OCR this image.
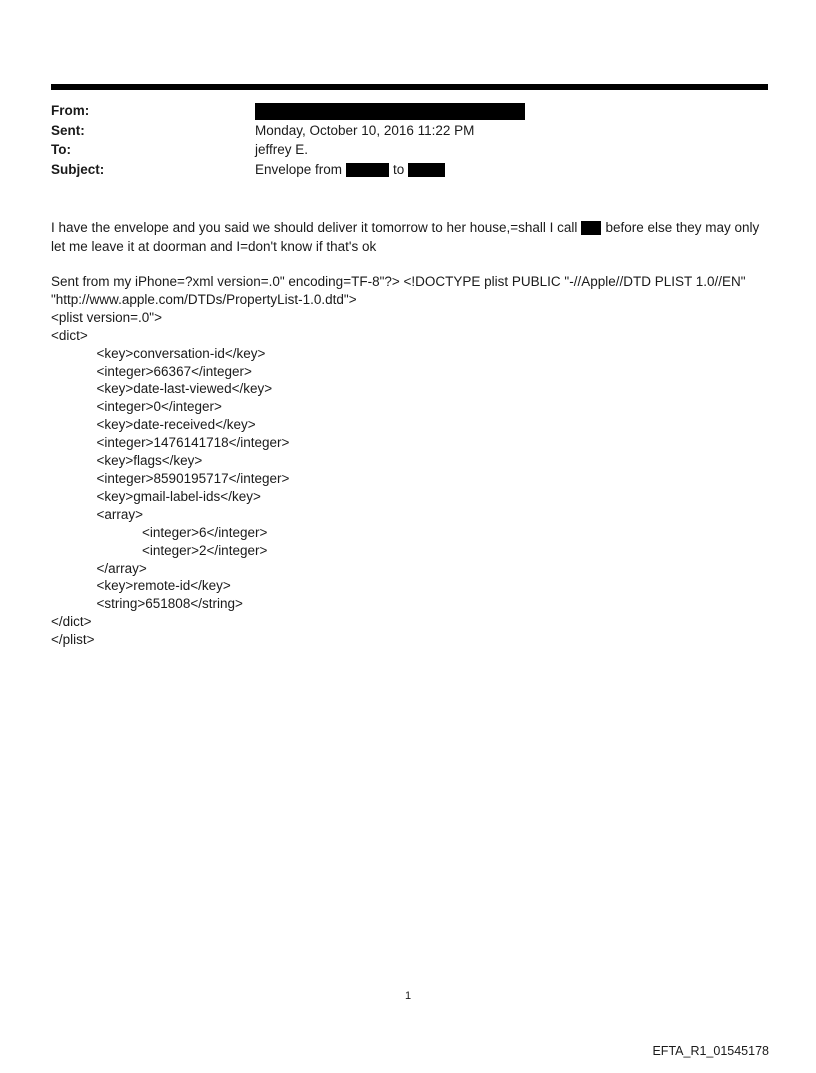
From:
Sent:	Monday, October 10, 2016 11:22 PM
To:	jeffrey E.
Subject:	Envelope from	to

I have the envelope and you said we should deliver it tomorrow to her house,=shall I call before else they may only let me leave it at doorman and I=don't know if that's ok

Sent from my iPhone=?xml version=.0" encoding=TF-8"?> <!DOCTYPE plist PUBLIC "-//Apple//DTD PLIST 1.0//EN"
"http://www.apple.com/DTDs/PropertyList-1.0.dtd">
<plist version=.0">
<dict>
<key>conversation-id</key>
<integer>66367</integer>
<key>date-last-viewed</key>
<integer>0</integer>
<key>date-received</key>
<integer>1476141718</integer>
<key>flags</key>
<integer>8590195717</integer>
<key>gmail-label-ids</key>
<array>
<integer>6</integer>
<integer>2</integer>
</array>
<key>remote-id</key>
<string>651808</string>
</dict>
</plist>
1
EFTA_R1_01545178
